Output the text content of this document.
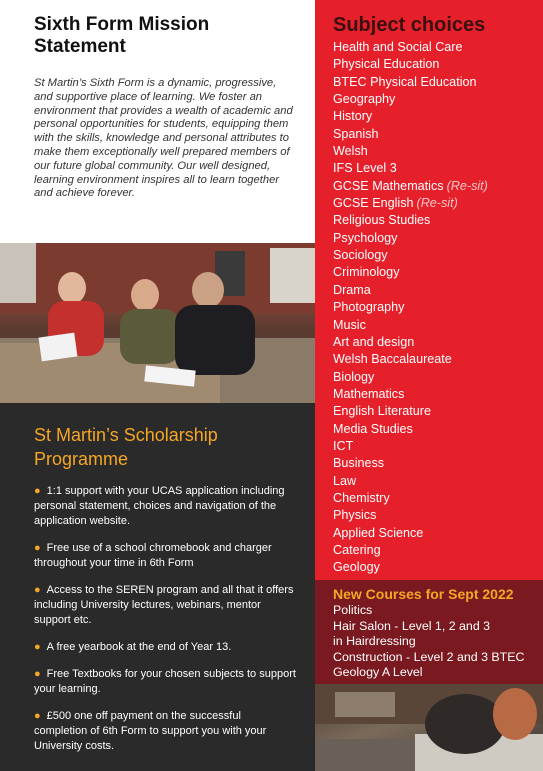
Sixth Form Mission Statement

St Martin’s Sixth Form is a dynamic, progressive, and supportive place of learning. We foster an environment that provides a wealth of academic and personal opportunities for students, equipping them with the skills, knowledge and personal attributes to make them exceptionally well prepared members of our future global community. Our well designed, learning environment inspires all to learn together and achieve forever.

St Martin’s Scholarship Programme
● 1:1 support with your UCAS application including personal statement, choices and navigation of the application website.
● Free use of a school chromebook and charger throughout your time in 6th Form
● Access to the SEREN program and all that it offers including University lectures, webinars, mentor support etc.
● A free yearbook at the end of Year 13.
● Free Textbooks for your chosen subjects to support your learning.
● £500 one off payment on the successful completion of 6th Form to support you with your University costs.
Subject choices
Health and Social Care
Physical Education
BTEC Physical Education
Geography
History
Spanish
Welsh
IFS Level 3
GCSE Mathematics (Re-sit)
GCSE English (Re-sit)
Religious Studies
Psychology
Sociology
Criminology
Drama
Photography
Music
Art and design
Welsh Baccalaureate
Biology
Mathematics
English Literature
Media Studies
ICT
Business
Law
Chemistry
Physics
Applied Science
Catering
Geology
New Courses for Sept 2022
Politics
Hair Salon - Level 1, 2 and 3
in Hairdressing
Construction - Level 2 and 3 BTEC
Geology A Level
